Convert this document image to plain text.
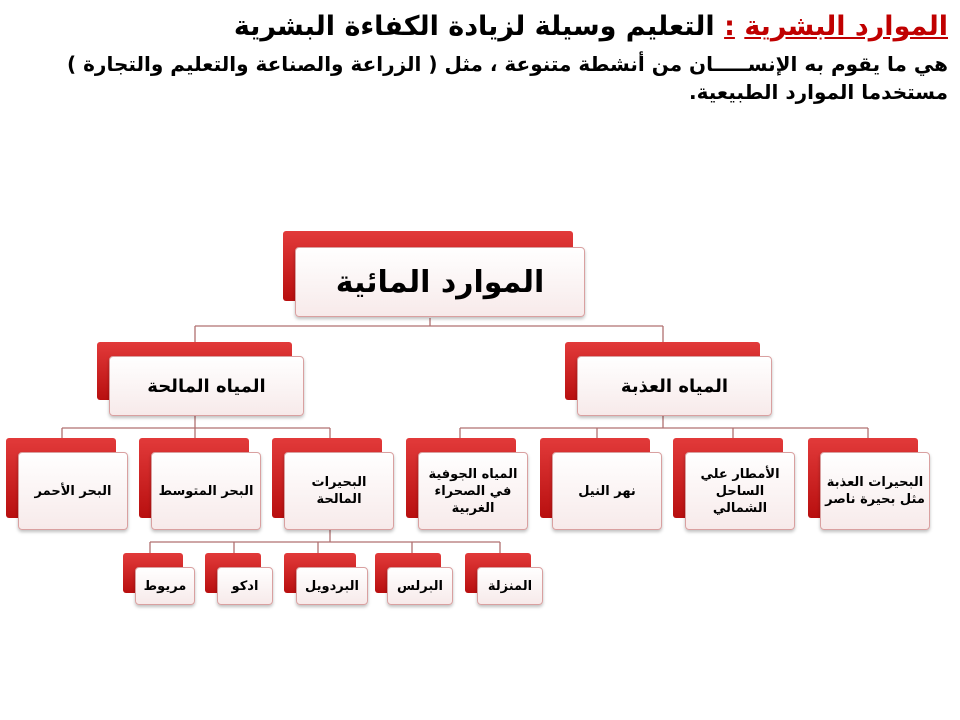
الموارد البشرية : التعليم وسيلة لزيادة الكفاءة البشرية
هي ما يقوم به الإنســـــان من أنشطة متنوعة ، مثل ( الزراعة والصناعة والتعليم والتجارة ) مستخدما الموارد الطبيعية.
الموارد المائية
المياه العذبة
المياه المالحة
البحيرات العذبة مثل بحيرة ناصر
الأمطار علي الساحل الشمالي
نهر النيل
المياه الجوفية في الصحراء الغربية
البحيرات المالحة
البحر المتوسط
البحر الأحمر
المنزلة
البرلس
البردويل
ادكو
مريوط
